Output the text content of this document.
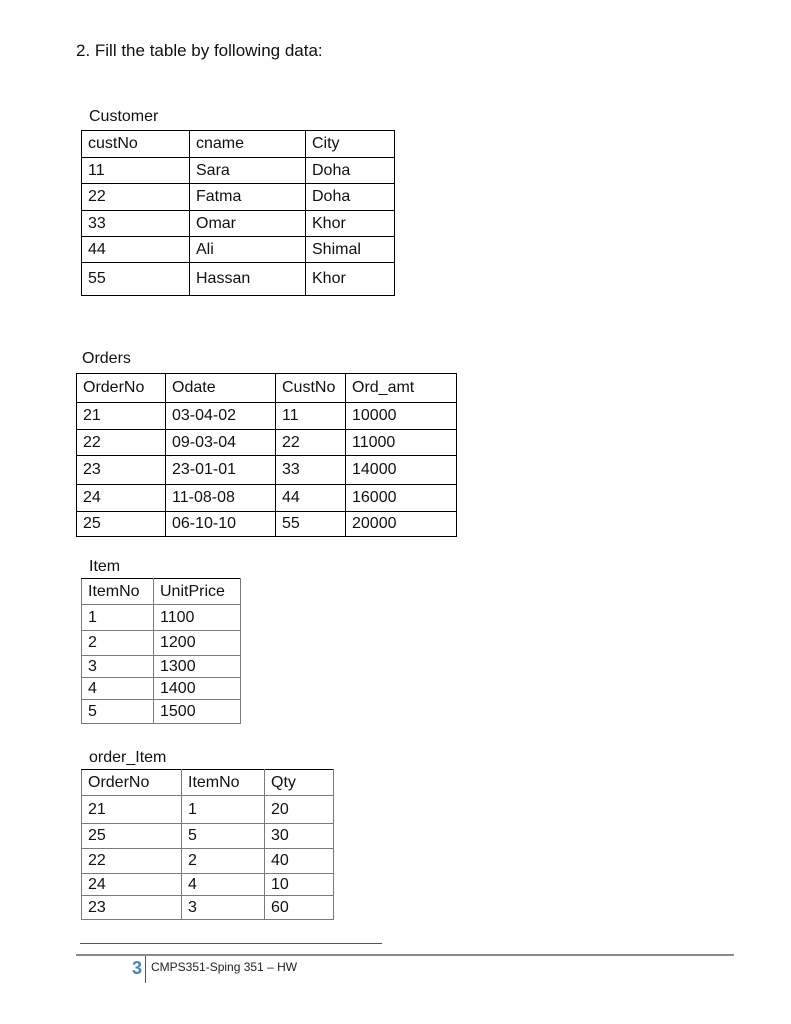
2. Fill the table by following data:
Customer
custNo	cname	City
11	Sara	Doha
22	Fatma	Doha
33	Omar	Khor
44	Ali	Shimal
55	Hassan	Khor
Orders
OrderNo	Odate	CustNo	Ord_amt
21	03-04-02	11	10000
22	09-03-04	22	11000
23	23-01-01	33	14000
24	11-08-08	44	16000
25	06-10-10	55	20000
Item
ItemNo	UnitPrice
1	1100
2	1200
3	1300
4	1400
5	1500
order_Item
OrderNo	ItemNo	Qty
21	1	20
25	5	30
22	2	40
24	4	10
23	3	60
3 CMPS351-Sping 351 – HW
